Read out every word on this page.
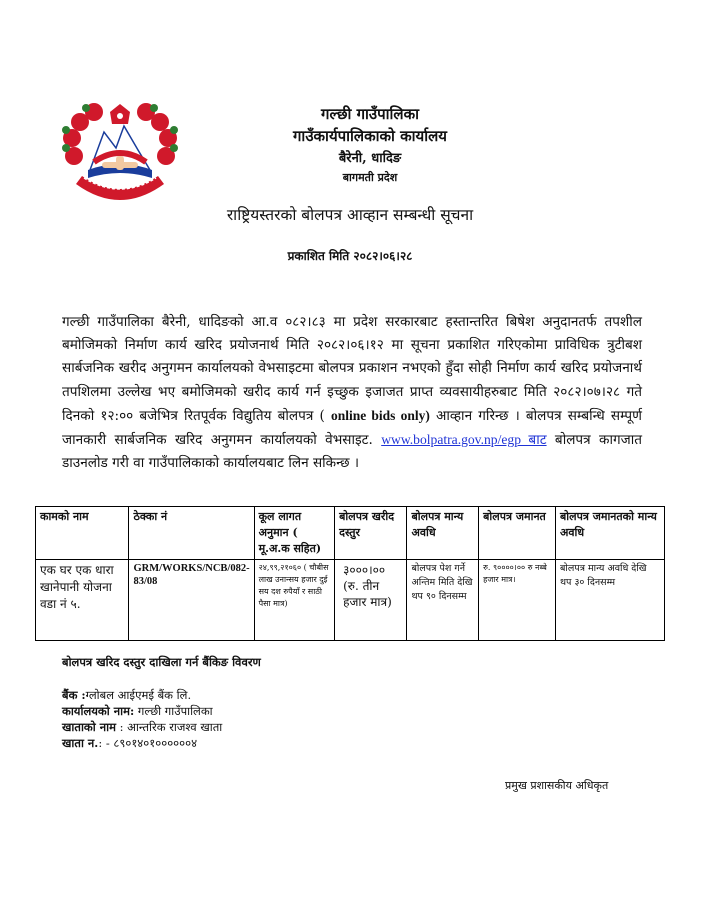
गल्छी गाउँपालिका
गाउँकार्यपालिकाको कार्यालय
बैरेनी, धादिङ
बागमती प्रदेश
राष्ट्रियस्तरको बोलपत्र आव्हान सम्बन्धी सूचना
प्रकाशित मिति २०८२।०६।२८
गल्छी गाउँपालिका बैरेनी, धादिङको आ.व ०८२।८३ मा प्रदेश सरकारबाट हस्तान्तरित बिषेश अनुदानतर्फ तपशील बमोजिमको निर्माण कार्य खरिद प्रयोजनार्थ मिति २०८२।०६।१२ मा सूचना प्रकाशित गरिएकोमा प्राविधिक त्रुटीबश सार्बजनिक खरीद अनुगमन कार्यालयको वेभसाइटमा बोलपत्र प्रकाशन नभएको हुँदा सोही निर्माण कार्य खरिद प्रयोजनार्थ तपशिलमा उल्लेख भए बमोजिमको खरीद कार्य गर्न इच्छुक इजाजत प्राप्त व्यवसायीहरुबाट मिति २०८२।०७।२८ गते दिनको १२:०० बजेभित्र रितपूर्वक विद्युतिय बोलपत्र ( online bids only) आव्हान गरिन्छ । बोलपत्र सम्बन्धि सम्पूर्ण जानकारी सार्बजनिक खरिद अनुगमन कार्यालयको वेभसाइट. www.bolpatra.gov.np/egp बाट बोलपत्र कागजात डाउनलोड गरी वा गाउँपालिकाको कार्यालयबाट लिन सकिन्छ ।
कामको नाम	ठेक्का नं	कूल लागत अनुमान ( मू.अ.क सहित)	बोलपत्र खरीद दस्तुर	बोलपत्र मान्य अवधि	बोलपत्र जमानत	बोलपत्र जमानतको मान्य अवधि
एक घर एक धारा खानेपानी योजना वडा नं ५.	GRM/WORKS/NCB/082-83/08	२४,९९,२१०६० ( चौबीस लाख उनान्सय हजार दुई सय दश रुपैयाँ र साठी पैसा मात्र)	३०००।०० (रु. तीन हजार मात्र)	बोलपत्र पेश गर्ने अन्तिम मिति देखि थप ९० दिनसम्म	रु. ९००००।०० रु नब्बे हजार मात्र।	बोलपत्र मान्य अवधि देखि थप ३० दिनसम्म
बोलपत्र खरिद दस्तुर दाखिला गर्न बैंकिङ विवरण
बैंक :ग्लोबल आईएमई बैंक लि.
कार्यालयको नाम: गल्छी गाउँपालिका
खाताको नाम : आन्तरिक राजश्व खाता
खाता न.: - ८९०१४०१००००००४
प्रमुख प्रशासकीय अधिकृत
